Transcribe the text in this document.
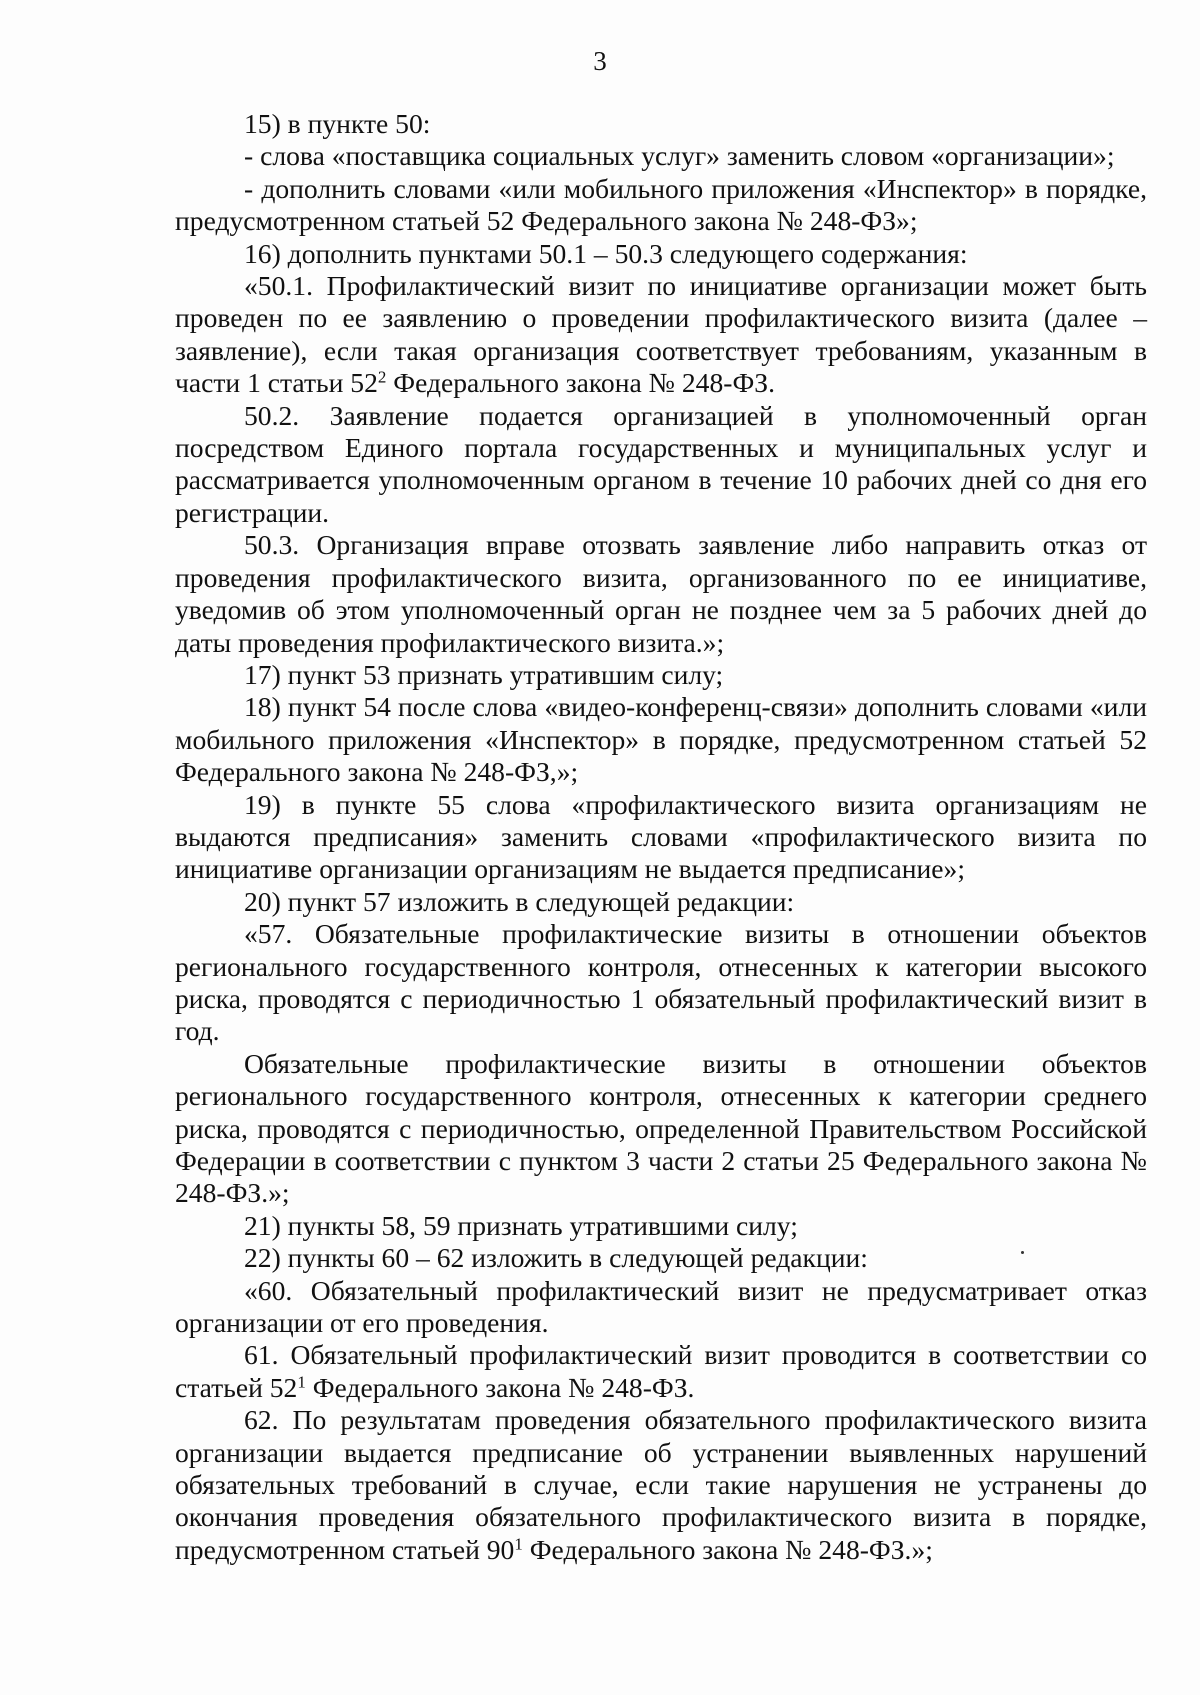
3

15) в пункте 50:

- слова «поставщика социальных услуг» заменить словом «организации»;

- дополнить словами «или мобильного приложения «Инспектор» в порядке, предусмотренном статьей 52 Федерального закона № 248-ФЗ»;

16) дополнить пунктами 50.1 – 50.3 следующего содержания:

«50.1. Профилактический визит по инициативе организации может быть проведен по ее заявлению о проведении профилактического визита (далее – заявление), если такая организация соответствует требованиям, указанным в части 1 статьи $52^2$ Федерального закона № 248-ФЗ.

50.2. Заявление подается организацией в уполномоченный орган посредством Единого портала государственных и муниципальных услуг и рассматривается уполномоченным органом в течение 10 рабочих дней со дня его регистрации.

50.3. Организация вправе отозвать заявление либо направить отказ от проведения профилактического визита, организованного по ее инициативе, уведомив об этом уполномоченный орган не позднее чем за 5 рабочих дней до даты проведения профилактического визита.»;

17) пункт 53 признать утратившим силу;

18) пункт 54 после слова «видео-конференц-связи» дополнить словами «или мобильного приложения «Инспектор» в порядке, предусмотренном статьей 52 Федерального закона № 248-ФЗ,»;

19) в пункте 55 слова «профилактического визита организациям не выдаются предписания» заменить словами «профилактического визита по инициативе организации организациям не выдается предписание»;

20) пункт 57 изложить в следующей редакции:

«57. Обязательные профилактические визиты в отношении объектов регионального государственного контроля, отнесенных к категории высокого риска, проводятся с периодичностью 1 обязательный профилактический визит в год.

Обязательные профилактические визиты в отношении объектов регионального государственного контроля, отнесенных к категории среднего риска, проводятся с периодичностью, определенной Правительством Российской Федерации в соответствии с пунктом 3 части 2 статьи 25 Федерального закона № 248-ФЗ.»;

21) пункты 58, 59 признать утратившими силу;

22) пункты 60 – 62 изложить в следующей редакции:

«60. Обязательный профилактический визит не предусматривает отказ организации от его проведения.

61. Обязательный профилактический визит проводится в соответствии со статьей $52^1$ Федерального закона № 248-ФЗ.

62. По результатам проведения обязательного профилактического визита организации выдается предписание об устранении выявленных нарушений обязательных требований в случае, если такие нарушения не устранены до окончания проведения обязательного профилактического визита в порядке, предусмотренном статьей $90^1$ Федерального закона № 248-ФЗ.»;
